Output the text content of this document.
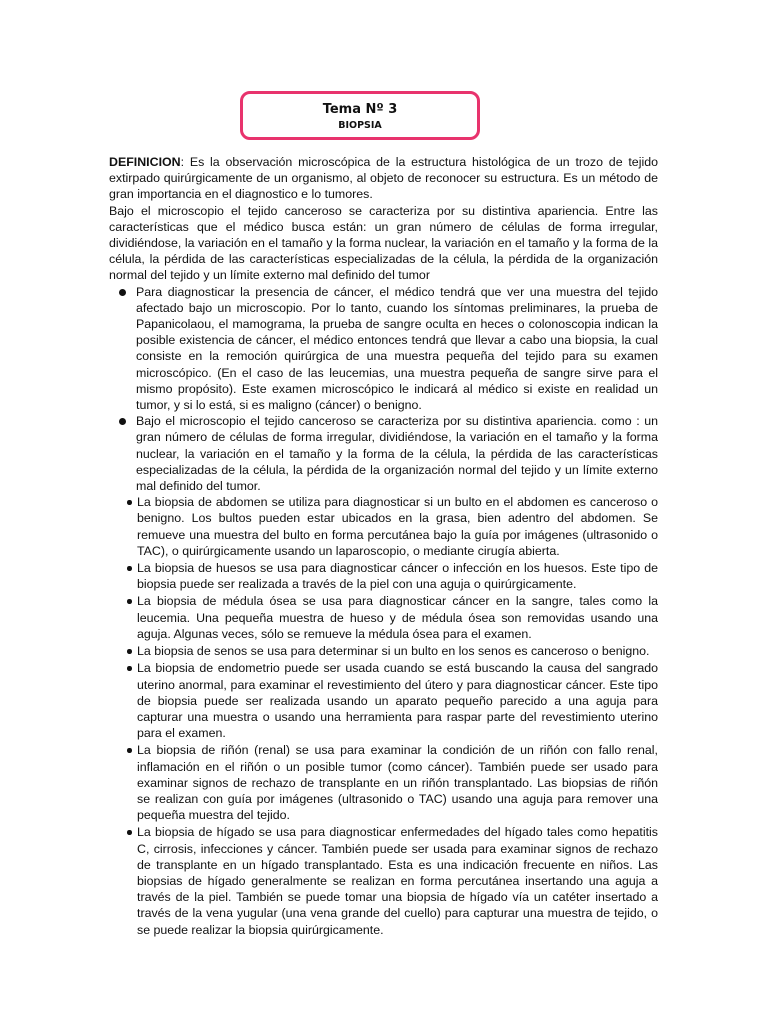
Tema Nº 3
BIOPSIA

DEFINICION: Es la observación microscópica de la estructura histológica de un trozo de tejido extirpado quirúrgicamente de un organismo, al objeto de reconocer su estructura. Es un método de gran importancia en el diagnostico e lo tumores.

Bajo el microscopio el tejido canceroso se caracteriza por su distintiva apariencia. Entre las características que el médico busca están: un gran número de células de forma irregular, dividiéndose, la variación en el tamaño y la forma nuclear, la variación en el tamaño y la forma de la célula, la pérdida de las características especializadas de la célula, la pérdida de la organización normal del tejido y un límite externo mal definido del tumor

Para diagnosticar la presencia de cáncer, el médico tendrá que ver una muestra del tejido afectado bajo un microscopio. Por lo tanto, cuando los síntomas preliminares, la prueba de Papanicolaou, el mamograma, la prueba de sangre oculta en heces o colonoscopia indican la posible existencia de cáncer, el médico entonces tendrá que llevar a cabo una biopsia, la cual consiste en la remoción quirúrgica de una muestra pequeña del tejido para su examen microscópico. (En el caso de las leucemias, una muestra pequeña de sangre sirve para el mismo propósito). Este examen microscópico le indicará al médico si existe en realidad un tumor, y si lo está, si es maligno (cáncer) o benigno.
Bajo el microscopio el tejido canceroso se caracteriza por su distintiva apariencia. como : un gran número de células de forma irregular, dividiéndose, la variación en el tamaño y la forma nuclear, la variación en el tamaño y la forma de la célula, la pérdida de las características especializadas de la célula, la pérdida de la organización normal del tejido y un límite externo mal definido del tumor.
La biopsia de abdomen se utiliza para diagnosticar si un bulto en el abdomen es canceroso o benigno. Los bultos pueden estar ubicados en la grasa, bien adentro del abdomen. Se remueve una muestra del bulto en forma percutánea bajo la guía por imágenes (ultrasonido o TAC), o quirúrgicamente usando un laparoscopio, o mediante cirugía abierta.
La biopsia de huesos se usa para diagnosticar cáncer o infección en los huesos. Este tipo de biopsia puede ser realizada a través de la piel con una aguja o quirúrgicamente.
La biopsia de médula ósea se usa para diagnosticar cáncer en la sangre, tales como la leucemia. Una pequeña muestra de hueso y de médula ósea son removidas usando una aguja. Algunas veces, sólo se remueve la médula ósea para el examen.
La biopsia de senos se usa para determinar si un bulto en los senos es canceroso o benigno.
La biopsia de endometrio puede ser usada cuando se está buscando la causa del sangrado uterino anormal, para examinar el revestimiento del útero y para diagnosticar cáncer. Este tipo de biopsia puede ser realizada usando un aparato pequeño parecido a una aguja para capturar una muestra o usando una herramienta para raspar parte del revestimiento uterino para el examen.
La biopsia de riñón (renal) se usa para examinar la condición de un riñón con fallo renal, inflamación en el riñón o un posible tumor (como cáncer). También puede ser usado para examinar signos de rechazo de transplante en un riñón transplantado. Las biopsias de riñón se realizan con guía por imágenes (ultrasonido o TAC) usando una aguja para remover una pequeña muestra del tejido.
La biopsia de hígado se usa para diagnosticar enfermedades del hígado tales como hepatitis C, cirrosis, infecciones y cáncer. También puede ser usada para examinar signos de rechazo de transplante en un hígado transplantado. Esta es una indicación frecuente en niños. Las biopsias de hígado generalmente se realizan en forma percutánea insertando una aguja a través de la piel. También se puede tomar una biopsia de hígado vía un catéter insertado a través de la vena yugular (una vena grande del cuello) para capturar una muestra de tejido, o se puede realizar la biopsia quirúrgicamente.
